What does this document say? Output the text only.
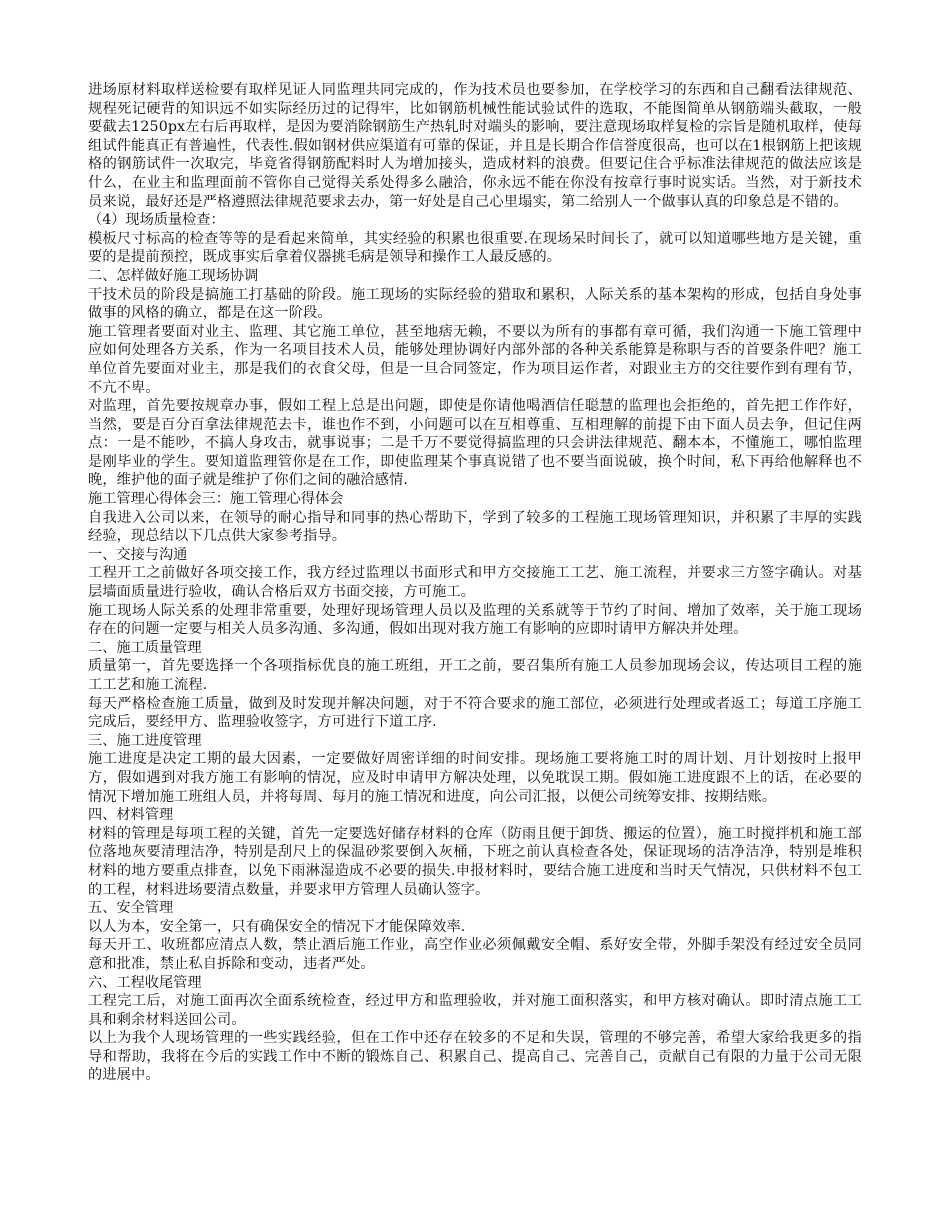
进场原材料取样送检要有取样见证人同监理共同完成的，作为技术员也要参加，在学校学习的东西和自己翻看法律规范、规程死记硬背的知识远不如实际经历过的记得牢，比如钢筋机械性能试验试件的选取，不能图简单从钢筋端头截取，一般要截去1250px左右后再取样，是因为要消除钢筋生产热轧时对端头的影响，要注意现场取样复检的宗旨是随机取样，使每组试件能真正有普遍性，代表性.假如钢材供应渠道有可靠的保证，并且是长期合作信誉度很高，也可以在1根钢筋上把该规格的钢筋试件一次取完，毕竟省得钢筋配料时人为增加接头，造成材料的浪费。但要记住合乎标准法律规范的做法应该是什么，在业主和监理面前不管你自己觉得关系处得多么融洽，你永远不能在你没有按章行事时说实话。当然，对于新技术员来说，最好还是严格遵照法律规范要求去办，第一好处是自己心里塌实，第二给别人一个做事认真的印象总是不错的。

（4）现场质量检查：

模板尺寸标高的检查等等的是看起来简单，其实经验的积累也很重要.在现场呆时间长了，就可以知道哪些地方是关键，重要的是提前预控，既成事实后拿着仪器挑毛病是领导和操作工人最反感的。

二、怎样做好施工现场协调

干技术员的阶段是搞施工打基础的阶段。施工现场的实际经验的猎取和累积，人际关系的基本架构的形成，包括自身处事做事的风格的确立，都是在这一阶段。

施工管理者要面对业主、监理、其它施工单位，甚至地痞无赖，不要以为所有的事都有章可循，我们沟通一下施工管理中应如何处理各方关系，作为一名项目技术人员，能够处理协调好内部外部的各种关系能算是称职与否的首要条件吧？施工单位首先要面对业主，那是我们的衣食父母，但是一旦合同签定，作为项目运作者，对跟业主方的交往要作到有理有节，不亢不卑。

对监理，首先要按规章办事，假如工程上总是出问题，即使是你请他喝酒信任聪慧的监理也会拒绝的，首先把工作作好，当然，要是百分百拿法律规范去卡，谁也作不到，小问题可以在互相尊重、互相理解的前提下由下面人员去争，但记住两点：一是不能吵，不搞人身攻击，就事说事；二是千万不要觉得搞监理的只会讲法律规范、翻本本，不懂施工，哪怕监理是刚毕业的学生。要知道监理管你是在工作，即使监理某个事真说错了也不要当面说破，换个时间，私下再给他解释也不晚，维护他的面子就是维护了你们之间的融洽感情.

施工管理心得体会三：施工管理心得体会

自我进入公司以来，在领导的耐心指导和同事的热心帮助下，学到了较多的工程施工现场管理知识，并积累了丰厚的实践经验，现总结以下几点供大家参考指导。

一、交接与沟通

工程开工之前做好各项交接工作，我方经过监理以书面形式和甲方交接施工工艺、施工流程，并要求三方签字确认。对基层墙面质量进行验收，确认合格后双方书面交接，方可施工。

施工现场人际关系的处理非常重要，处理好现场管理人员以及监理的关系就等于节约了时间、增加了效率，关于施工现场存在的问题一定要与相关人员多沟通、多沟通，假如出现对我方施工有影响的应即时请甲方解决并处理。

二、施工质量管理

质量第一，首先要选择一个各项指标优良的施工班组，开工之前，要召集所有施工人员参加现场会议，传达项目工程的施工工艺和施工流程.

每天严格检查施工质量，做到及时发现并解决问题，对于不符合要求的施工部位，必须进行处理或者返工；每道工序施工完成后，要经甲方、监理验收签字，方可进行下道工序.

三、施工进度管理

施工进度是决定工期的最大因素，一定要做好周密详细的时间安排。现场施工要将施工时的周计划、月计划按时上报甲方，假如遇到对我方施工有影响的情况，应及时申请甲方解决处理，以免耽误工期。假如施工进度跟不上的话，在必要的情况下增加施工班组人员，并将每周、每月的施工情况和进度，向公司汇报，以便公司统筹安排、按期结账。

四、材料管理

材料的管理是每项工程的关键，首先一定要选好储存材料的仓库（防雨且便于卸货、搬运的位置），施工时搅拌机和施工部位落地灰要清理洁净，特别是刮尺上的保温砂浆要倒入灰桶，下班之前认真检查各处，保证现场的洁净洁净，特别是堆积材料的地方要重点排查，以免下雨淋湿造成不必要的损失.申报材料时，要结合施工进度和当时天气情况，只供材料不包工的工程，材料进场要清点数量，并要求甲方管理人员确认签字。

五、安全管理

以人为本，安全第一，只有确保安全的情况下才能保障效率.

每天开工、收班都应清点人数，禁止酒后施工作业，高空作业必须佩戴安全帽、系好安全带，外脚手架没有经过安全员同意和批准，禁止私自拆除和变动，违者严处。

六、工程收尾管理

工程完工后，对施工面再次全面系统检查，经过甲方和监理验收，并对施工面积落实，和甲方核对确认。即时清点施工工具和剩余材料送回公司。

以上为我个人现场管理的一些实践经验，但在工作中还存在较多的不足和失误，管理的不够完善，希望大家给我更多的指导和帮助，我将在今后的实践工作中不断的锻炼自己、积累自己、提高自己、完善自己，贡献自己有限的力量于公司无限的进展中。
